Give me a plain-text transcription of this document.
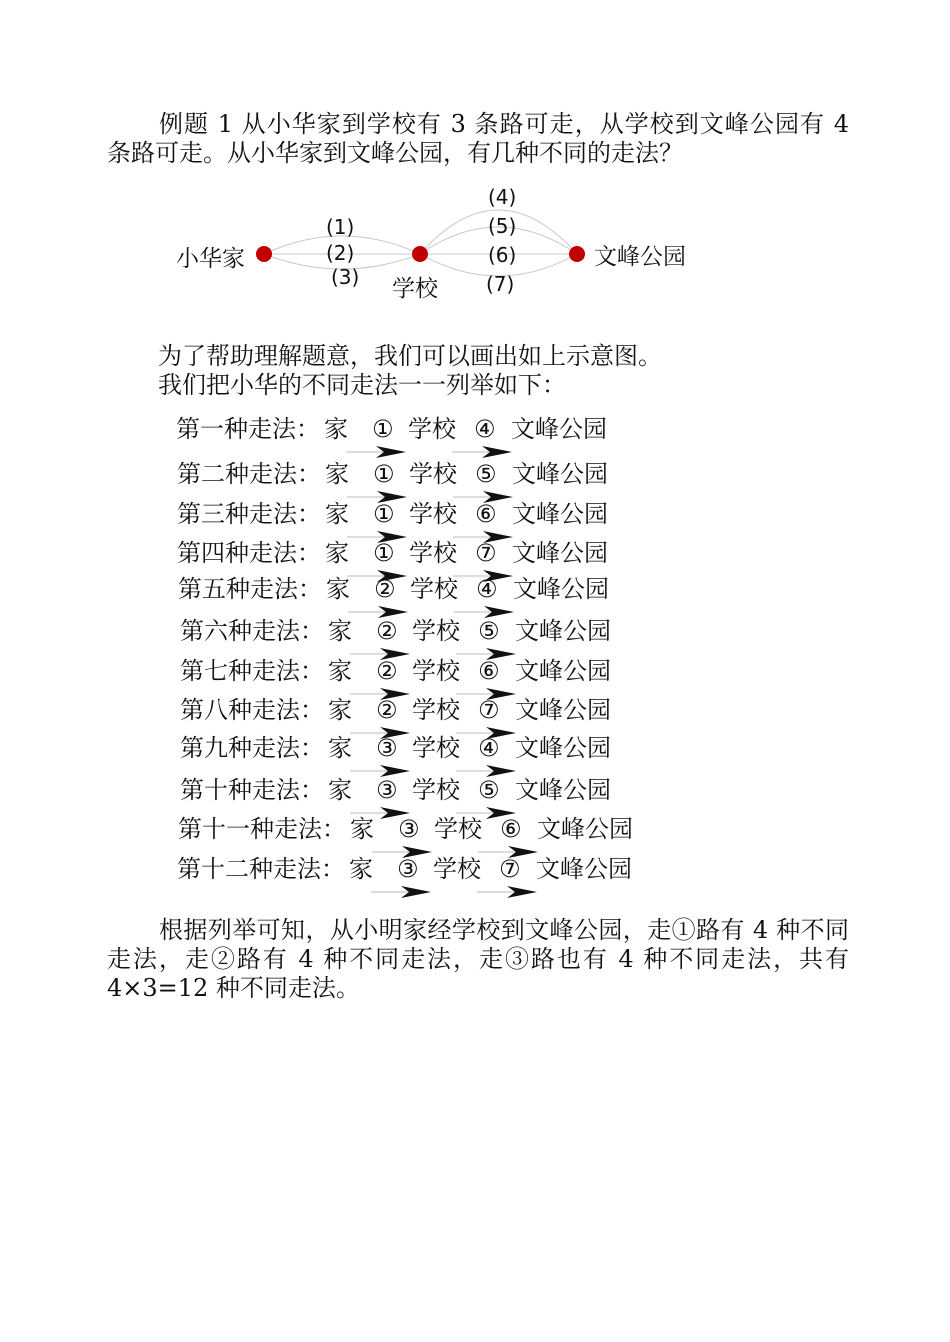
例题 1 从小华家到学校有 3 条路可走，从学校到文峰公园有 4 条路可走。从小华家到文峰公园，有几种不同的走法？
小华家
学校
文峰公园
(1)
(2)
(3)
(4)
(5)
(6)
(7)
为了帮助理解题意，我们可以画出如上示意图。
我们把小华的不同走法一一列举如下：
第一种走法： 家 ① 学校 ④ 文峰公园
第二种走法： 家 ① 学校 ⑤ 文峰公园
第三种走法： 家 ① 学校 ⑥ 文峰公园
第四种走法： 家 ① 学校 ⑦ 文峰公园
第五种走法： 家 ② 学校 ④ 文峰公园
第六种走法： 家 ② 学校 ⑤ 文峰公园
第七种走法： 家 ② 学校 ⑥ 文峰公园
第八种走法： 家 ② 学校 ⑦ 文峰公园
第九种走法： 家 ③ 学校 ④ 文峰公园
第十种走法： 家 ③ 学校 ⑤ 文峰公园
第十一种走法： 家 ③ 学校 ⑥ 文峰公园
第十二种走法： 家 ③ 学校 ⑦ 文峰公园
根据列举可知，从小明家经学校到文峰公园，走①路有 4 种不同走法，走②路有 4 种不同走法，走③路也有 4 种不同走法，共有 4×3=12 种不同走法。
